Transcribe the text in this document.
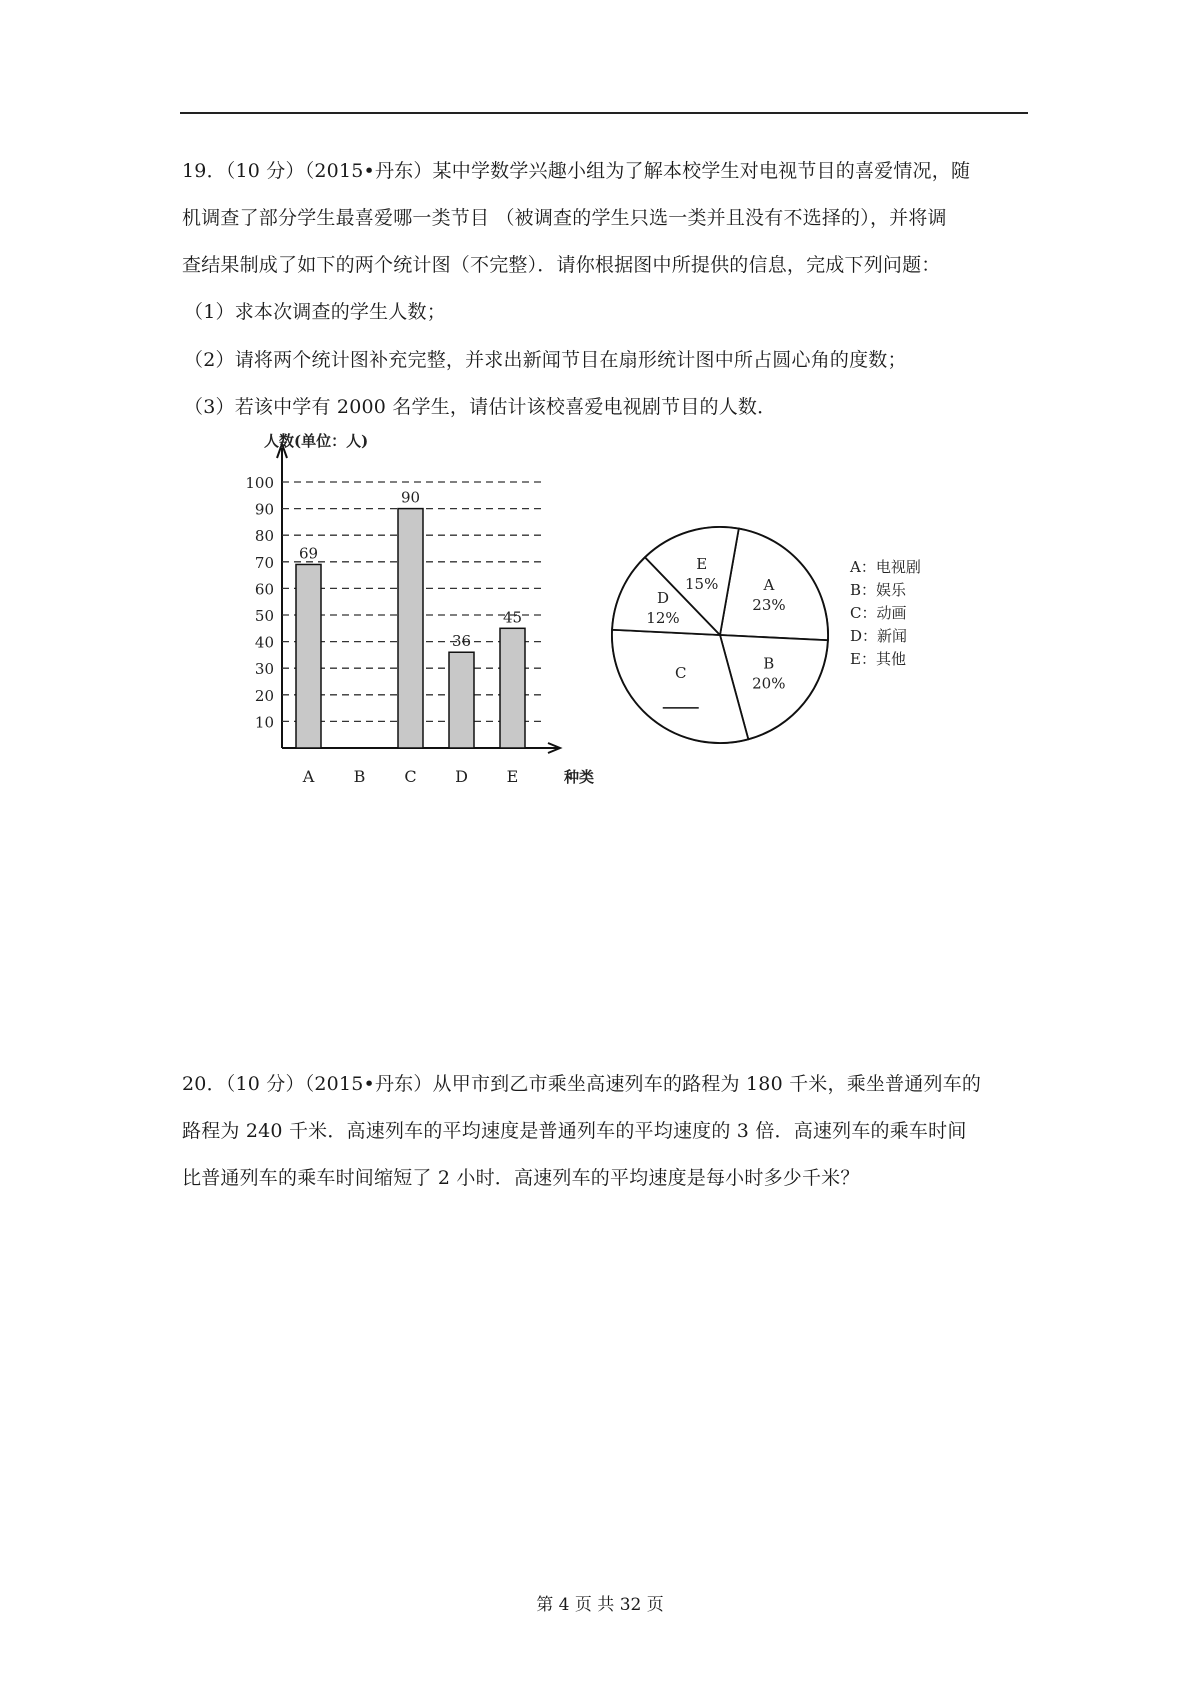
19．（10 分）（2015•丹东）某中学数学兴趣小组为了解本校学生对电视节目的喜爱情况，随
机调查了部分学生最喜爱哪一类节目 （被调查的学生只选一类并且没有不选择的），并将调
查结果制成了如下的两个统计图（不完整）．请你根据图中所提供的信息，完成下列问题：
（1）求本次调查的学生人数；
（2）请将两个统计图补充完整，并求出新闻节目在扇形统计图中所占圆心角的度数；
（3）若该中学有 2000 名学生，请估计该校喜爱电视剧节目的人数．
人数(单位：人)
种类
10
20
30
40
50
60
70
80
90
100
A
69
B C
90
D
36
E
45
A
23%
B
20%
C
D
12%
E
15%
A：电视剧
B：娱乐
C：动画
D：新闻
E：其他
20．（10 分）（2015•丹东）从甲市到乙市乘坐高速列车的路程为 180 千米，乘坐普通列车的
路程为 240 千米．高速列车的平均速度是普通列车的平均速度的 3 倍．高速列车的乘车时间
比普通列车的乘车时间缩短了 2 小时．高速列车的平均速度是每小时多少千米？
第 4 页 共 32 页
